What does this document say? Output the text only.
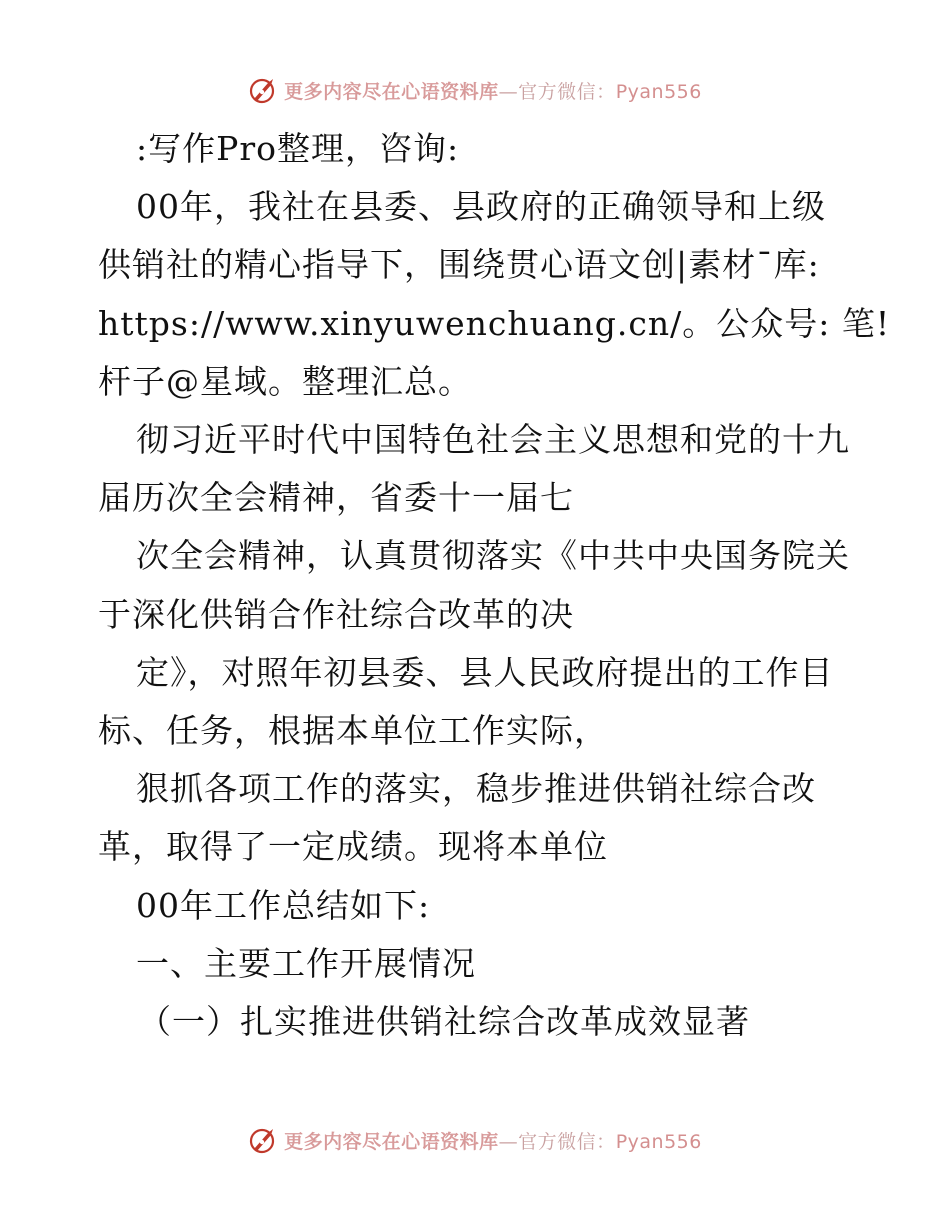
更多内容尽在心语资料库—官方微信：Pyan556

:写作Pro整理，咨询:

00年，我社在县委、县政府的正确领导和上级

供销社的精心指导下，围绕贯心语文创|素材¯库:

https://www.xinyuwenchuang.cn/。公众号: 笔!

杆子@星域。整理汇总。

彻习近平时代中国特色社会主义思想和党的十九

届历次全会精神，省委十一届七

次全会精神，认真贯彻落实《中共中央国务院关

于深化供销合作社综合改革的决

定》，对照年初县委、县人民政府提出的工作目

标、任务，根据本单位工作实际，

狠抓各项工作的落实，稳步推进供销社综合改

革，取得了一定成绩。现将本单位

00年工作总结如下:

一、主要工作开展情况

（一）扎实推进供销社综合改革成效显著

更多内容尽在心语资料库—官方微信：Pyan556
